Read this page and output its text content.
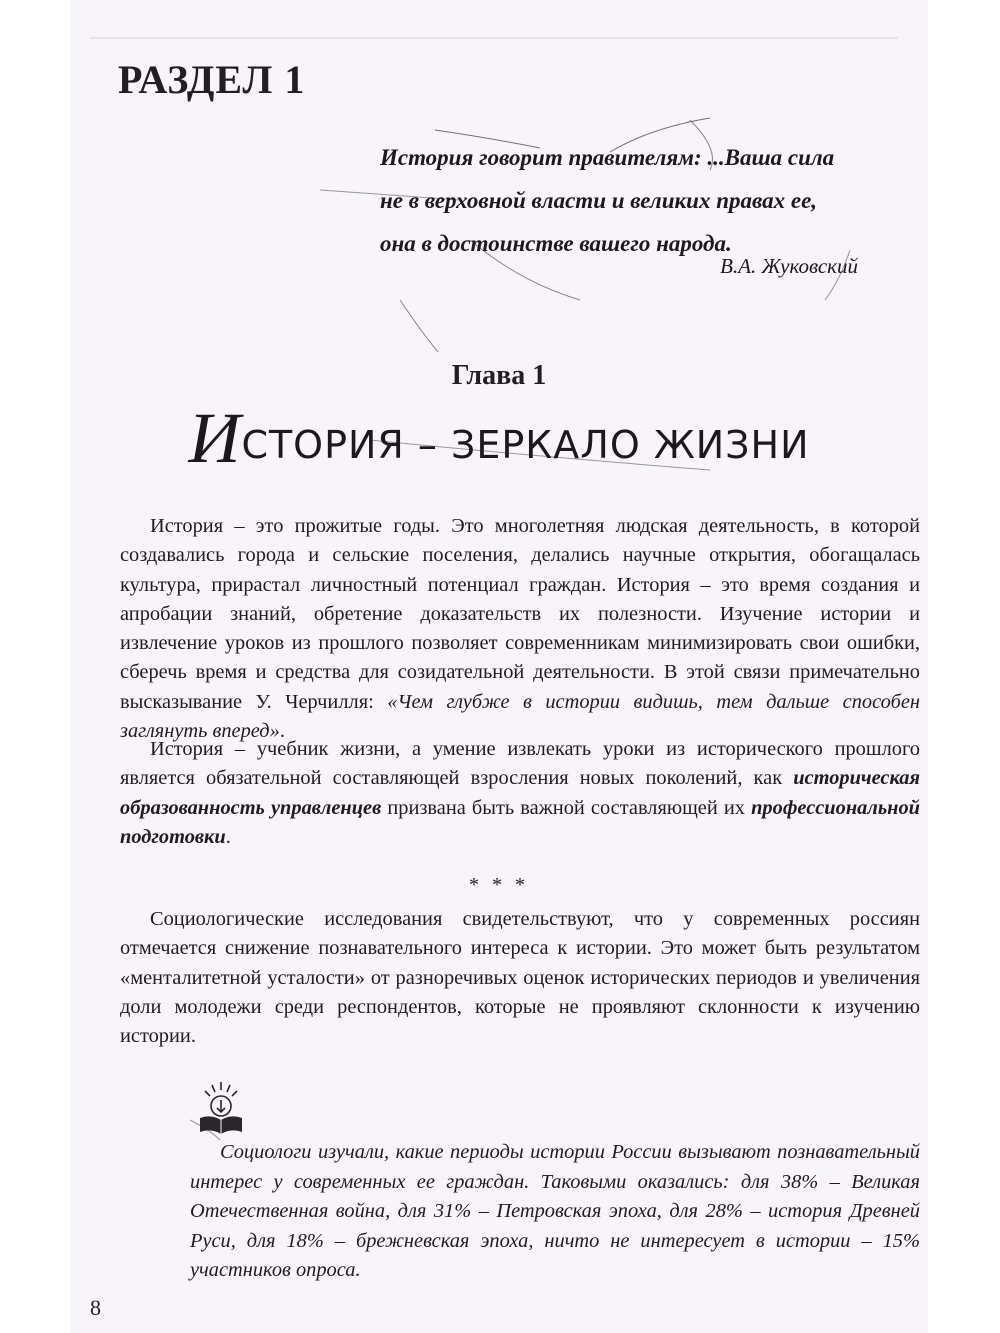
РАЗДЕЛ 1
История говорит правителям: ...Ваша сила
не в верховной власти и великих правах ее,
она в достоинстве вашего народа.
В.А. Жуковский
Глава 1
ИСТОРИЯ – ЗЕРКАЛО ЖИЗНИ

История – это прожитые годы. Это многолетняя людская деятельность, в которой создавались города и сельские поселения, делались научные открытия, обогащалась культура, прирастал личностный потенциал граждан. История – это время создания и апробации знаний, обретение доказательств их полезности. Изучение истории и извлечение уроков из прошлого позволяет современникам минимизировать свои ошибки, сберечь время и средства для созидательной деятельности. В этой связи примечательно высказывание У. Черчилля: «Чем глубже в истории видишь, тем дальше способен заглянуть вперед».

История – учебник жизни, а умение извлекать уроки из исторического прошлого является обязательной составляющей взросления новых поколений, как историческая образованность управленцев призвана быть важной составляющей их профессиональной подготовки.

* * *

Социологические исследования свидетельствуют, что у современных россиян отмечается снижение познавательного интереса к истории. Это может быть результатом «менталитетной усталости» от разноречивых оценок исторических периодов и увеличения доли молодежи среди респондентов, которые не проявляют склонности к изучению истории.

Социологи изучали, какие периоды истории России вызывают познавательный интерес у современных ее граждан. Таковыми оказались: для 38% – Великая Отечественная война, для 31% – Петровская эпоха, для 28% – история Древней Руси, для 18% – брежневская эпоха, ничто не интересует в истории – 15% участников опроса.

8
